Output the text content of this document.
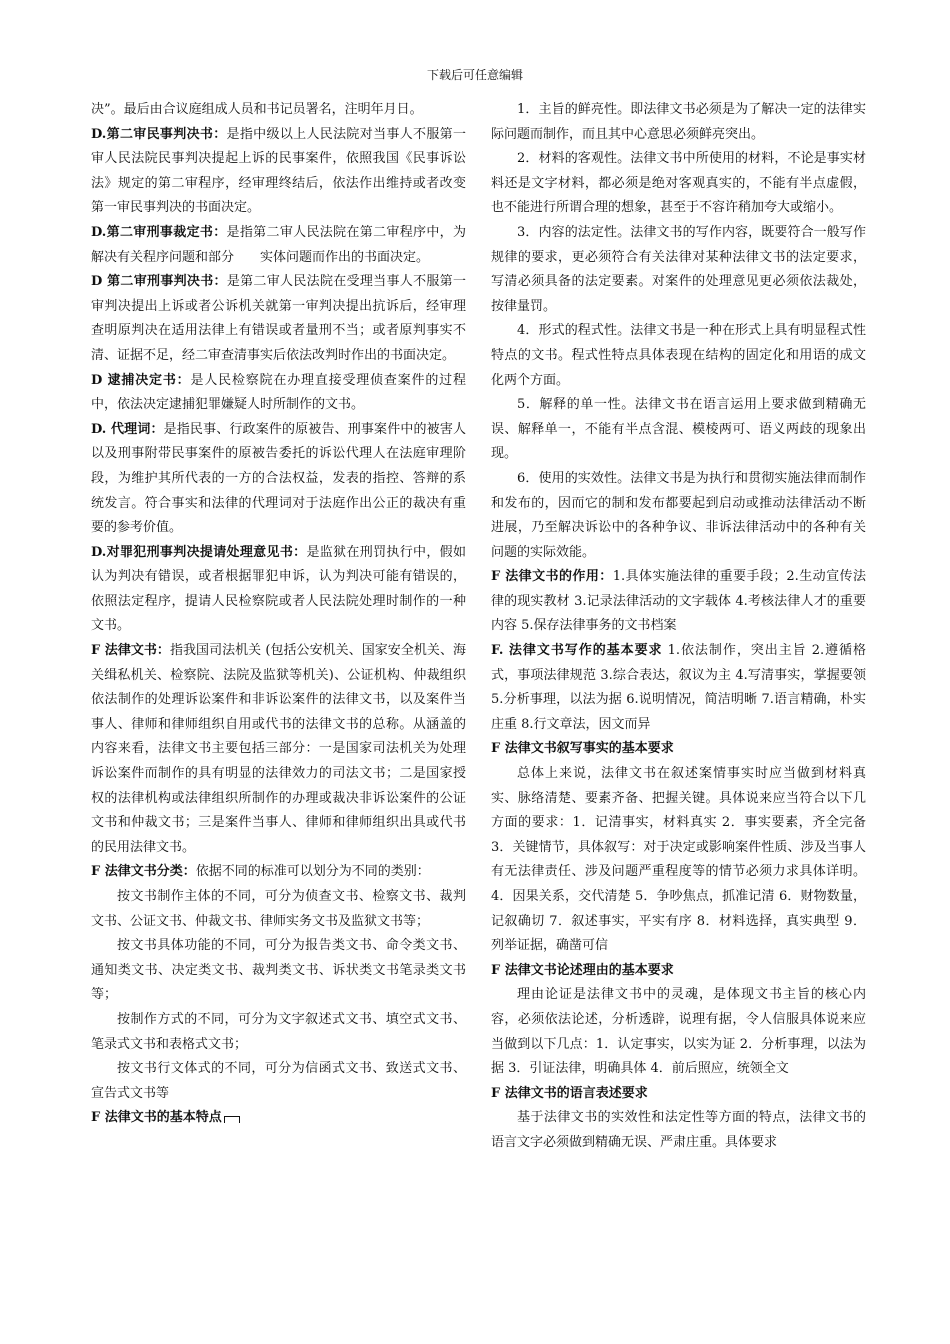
下载后可任意编辑

决”。最后由合议庭组成人员和书记员署名，注明年月日。

D.第二审民事判决书：是指中级以上人民法院对当事人不服第一审人民法院民事判决提起上诉的民事案件，依照我国《民事诉讼法》规定的第二审程序，经审理终结后，依法作出维持或者改变第一审民事判决的书面决定。

D.第二审刑事裁定书：是指第二审人民法院在第二审程序中，为解决有关程序问题和部分　　实体问题而作出的书面决定。

D 第二审刑事判决书：是第二审人民法院在受理当事人不服第一审判决提出上诉或者公诉机关就第一审判决提出抗诉后，经审理查明原判决在适用法律上有错误或者量刑不当；或者原判事实不清、证据不足，经二审查清事实后依法改判时作出的书面决定。

D 逮捕决定书：是人民检察院在办理直接受理侦查案件的过程中，依法决定逮捕犯罪嫌疑人时所制作的文书。

D. 代理词：是指民事、行政案件的原被告、刑事案件中的被害人以及刑事附带民事案件的原被告委托的诉讼代理人在法庭审理阶段，为维护其所代表的一方的合法权益，发表的指控、答辩的系统发言。符合事实和法律的代理词对于法庭作出公正的裁决有重要的参考价值。

D.对罪犯刑事判决提请处理意见书：是监狱在刑罚执行中，假如认为判决有错误，或者根据罪犯申诉，认为判决可能有错误的，依照法定程序，提请人民检察院或者人民法院处理时制作的一种文书。

F 法律文书：指我国司法机关 (包括公安机关、国家安全机关、海关缉私机关、检察院、法院及监狱等机关)、公证机构、仲裁组织依法制作的处理诉讼案件和非诉讼案件的法律文书，以及案件当事人、律师和律师组织自用或代书的法律文书的总称。从涵盖的内容来看，法律文书主要包括三部分：一是国家司法机关为处理诉讼案件而制作的具有明显的法律效力的司法文书；二是国家授权的法律机构或法律组织所制作的办理或裁决非诉讼案件的公证文书和仲裁文书；三是案件当事人、律师和律师组织出具或代书的民用法律文书。

F 法律文书分类：依据不同的标准可以划分为不同的类别：

按文书制作主体的不同，可分为侦查文书、检察文书、裁判文书、公证文书、仲裁文书、律师实务文书及监狱文书等；

按文书具体功能的不同，可分为报告类文书、命令类文书、通知类文书、决定类文书、裁判类文书、诉状类文书笔录类文书等；

按制作方式的不同，可分为文字叙述式文书、填空式文书、笔录式文书和表格式文书；

按文书行文体式的不同，可分为信函式文书、致送式文书、宣告式文书等

F 法律文书的基本特点

1．主旨的鲜亮性。即法律文书必须是为了解决一定的法律实际问题而制作，而且其中心意思必须鲜亮突出。

2．材料的客观性。法律文书中所使用的材料，不论是事实材料还是文字材料，都必须是绝对客观真实的，不能有半点虚假，也不能进行所谓合理的想象，甚至于不容许稍加夸大或缩小。

3．内容的法定性。法律文书的写作内容，既要符合一般写作规律的要求，更必须符合有关法律对某种法律文书的法定要求，写清必须具备的法定要素。对案件的处理意见更必须依法裁处，按律量罚。

4．形式的程式性。法律文书是一种在形式上具有明显程式性特点的文书。程式性特点具体表现在结构的固定化和用语的成文化两个方面。

5．解释的单一性。法律文书在语言运用上要求做到精确无误、解释单一，不能有半点含混、模棱两可、语义两歧的现象出现。

6．使用的实效性。法律文书是为执行和贯彻实施法律而制作和发布的，因而它的制和发布都要起到启动或推动法律活动不断进展，乃至解决诉讼中的各种争议、非诉法律活动中的各种有关问题的实际效能。

F 法律文书的作用：1.具体实施法律的重要手段；2.生动宣传法律的现实教材 3.记录法律活动的文字载体 4.考核法律人才的重要内容 5.保存法律事务的文书档案

F. 法律文书写作的基本要求 1.依法制作，突出主旨 2.遵循格式，事项法律规范 3.综合表达，叙议为主 4.写清事实，掌握要领 5.分析事理，以法为据 6.说明情况，简洁明晰 7.语言精确，朴实庄重 8.行文章法，因文而异

F 法律文书叙写事实的基本要求

总体上来说，法律文书在叙述案情事实时应当做到材料真实、脉络清楚、要素齐备、把握关键。具体说来应当符合以下几方面的要求：1．记清事实，材料真实 2．事实要素，齐全完备 3．关键情节，具体叙写：对于决定或影响案件性质、涉及当事人有无法律责任、涉及问题严重程度等的情节必须力求具体详明。4．因果关系，交代清楚 5．争吵焦点，抓准记清 6．财物数量，记叙确切 7．叙述事实，平实有序 8．材料选择，真实典型 9．列举证据，确凿可信

F 法律文书论述理由的基本要求

理由论证是法律文书中的灵魂，是体现文书主旨的核心内容，必须依法论述，分析透辟，说理有据，令人信服具体说来应当做到以下几点：1．认定事实，以实为证 2．分析事理，以法为据 3．引证法律，明确具体 4．前后照应，统领全文

F 法律文书的语言表述要求

基于法律文书的实效性和法定性等方面的特点，法律文书的语言文字必须做到精确无误、严肃庄重。具体要求
